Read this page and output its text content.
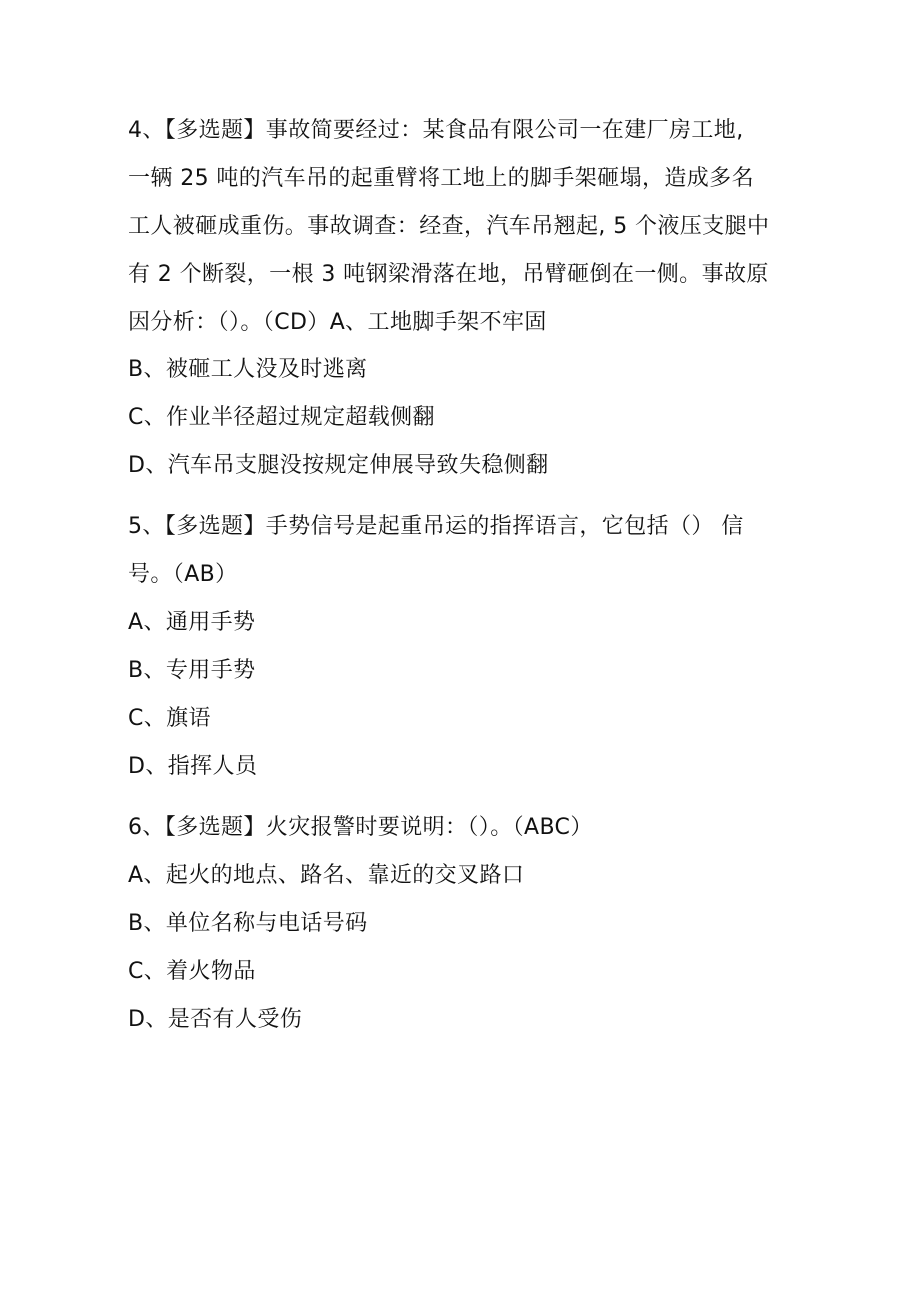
4、【多选题】事故简要经过：某食品有限公司一在建厂房工地,
一辆 25 吨的汽车吊的起重臂将工地上的脚手架砸塌，造成多名
工人被砸成重伤。事故调查：经查，汽车吊翘起, 5 个液压支腿中
有 2 个断裂，一根 3 吨钢梁滑落在地，吊臂砸倒在一侧。事故原
因分析：（）。（CD）A、工地脚手架不牢固
B、被砸工人没及时逃离
C、作业半径超过规定超载侧翻
D、汽车吊支腿没按规定伸展导致失稳侧翻
5、【多选题】手势信号是起重吊运的指挥语言，它包括（） 信
号。（AB）
A、通用手势
B、专用手势
C、旗语
D、指挥人员
6、【多选题】火灾报警时要说明：（）。（ABC）
A、起火的地点、路名、靠近的交叉路口
B、单位名称与电话号码
C、着火物品
D、是否有人受伤
